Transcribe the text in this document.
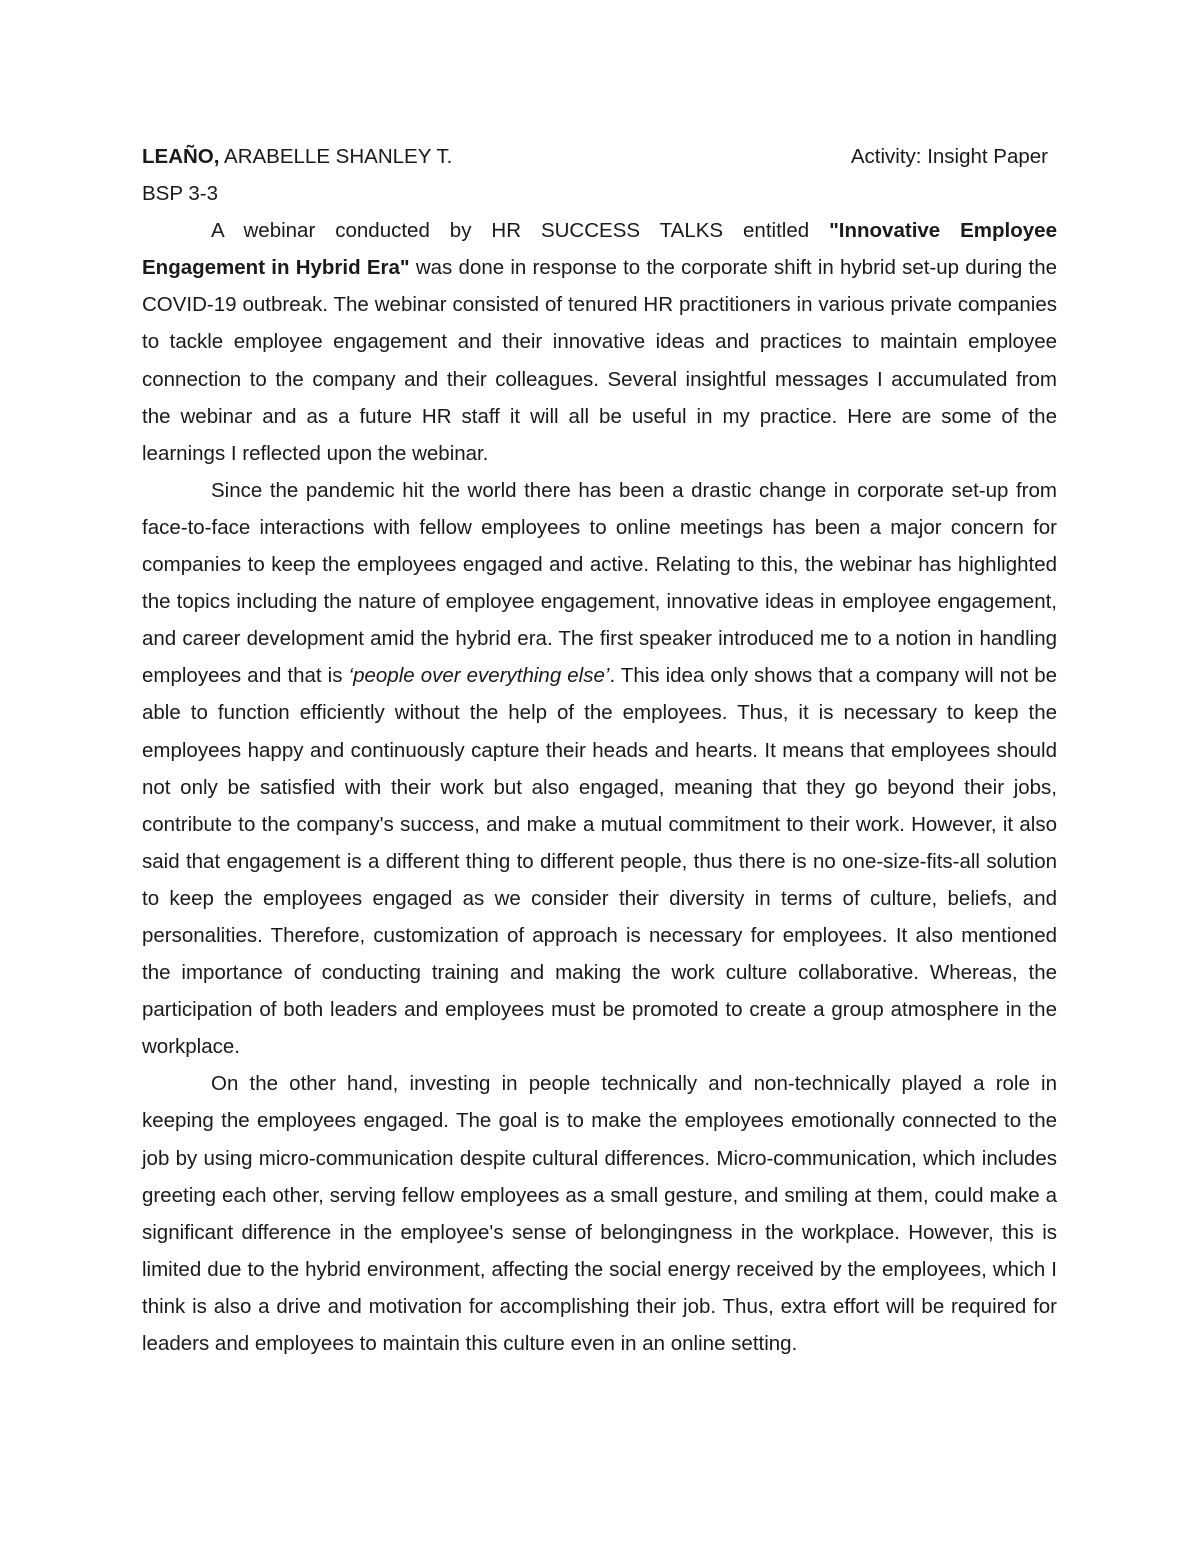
LEAÑO, ARABELLE SHANLEY T.	Activity: Insight Paper
BSP 3-3

A webinar conducted by HR SUCCESS TALKS entitled "Innovative Employee Engagement in Hybrid Era" was done in response to the corporate shift in hybrid set-up during the COVID-19 outbreak. The webinar consisted of tenured HR practitioners in various private companies to tackle employee engagement and their innovative ideas and practices to maintain employee connection to the company and their colleagues. Several insightful messages I accumulated from the webinar and as a future HR staff it will all be useful in my practice. Here are some of the learnings I reflected upon the webinar.

Since the pandemic hit the world there has been a drastic change in corporate set-up from face-to-face interactions with fellow employees to online meetings has been a major concern for companies to keep the employees engaged and active. Relating to this, the webinar has highlighted the topics including the nature of employee engagement, innovative ideas in employee engagement, and career development amid the hybrid era. The first speaker introduced me to a notion in handling employees and that is ‘people over everything else’. This idea only shows that a company will not be able to function efficiently without the help of the employees. Thus, it is necessary to keep the employees happy and continuously capture their heads and hearts. It means that employees should not only be satisfied with their work but also engaged, meaning that they go beyond their jobs, contribute to the company's success, and make a mutual commitment to their work. However, it also said that engagement is a different thing to different people, thus there is no one-size-fits-all solution to keep the employees engaged as we consider their diversity in terms of culture, beliefs, and personalities. Therefore, customization of approach is necessary for employees. It also mentioned the importance of conducting training and making the work culture collaborative. Whereas, the participation of both leaders and employees must be promoted to create a group atmosphere in the workplace.

On the other hand, investing in people technically and non-technically played a role in keeping the employees engaged. The goal is to make the employees emotionally connected to the job by using micro-communication despite cultural differences. Micro-communication, which includes greeting each other, serving fellow employees as a small gesture, and smiling at them, could make a significant difference in the employee's sense of belongingness in the workplace. However, this is limited due to the hybrid environment, affecting the social energy received by the employees, which I think is also a drive and motivation for accomplishing their job. Thus, extra effort will be required for leaders and employees to maintain this culture even in an online setting.
